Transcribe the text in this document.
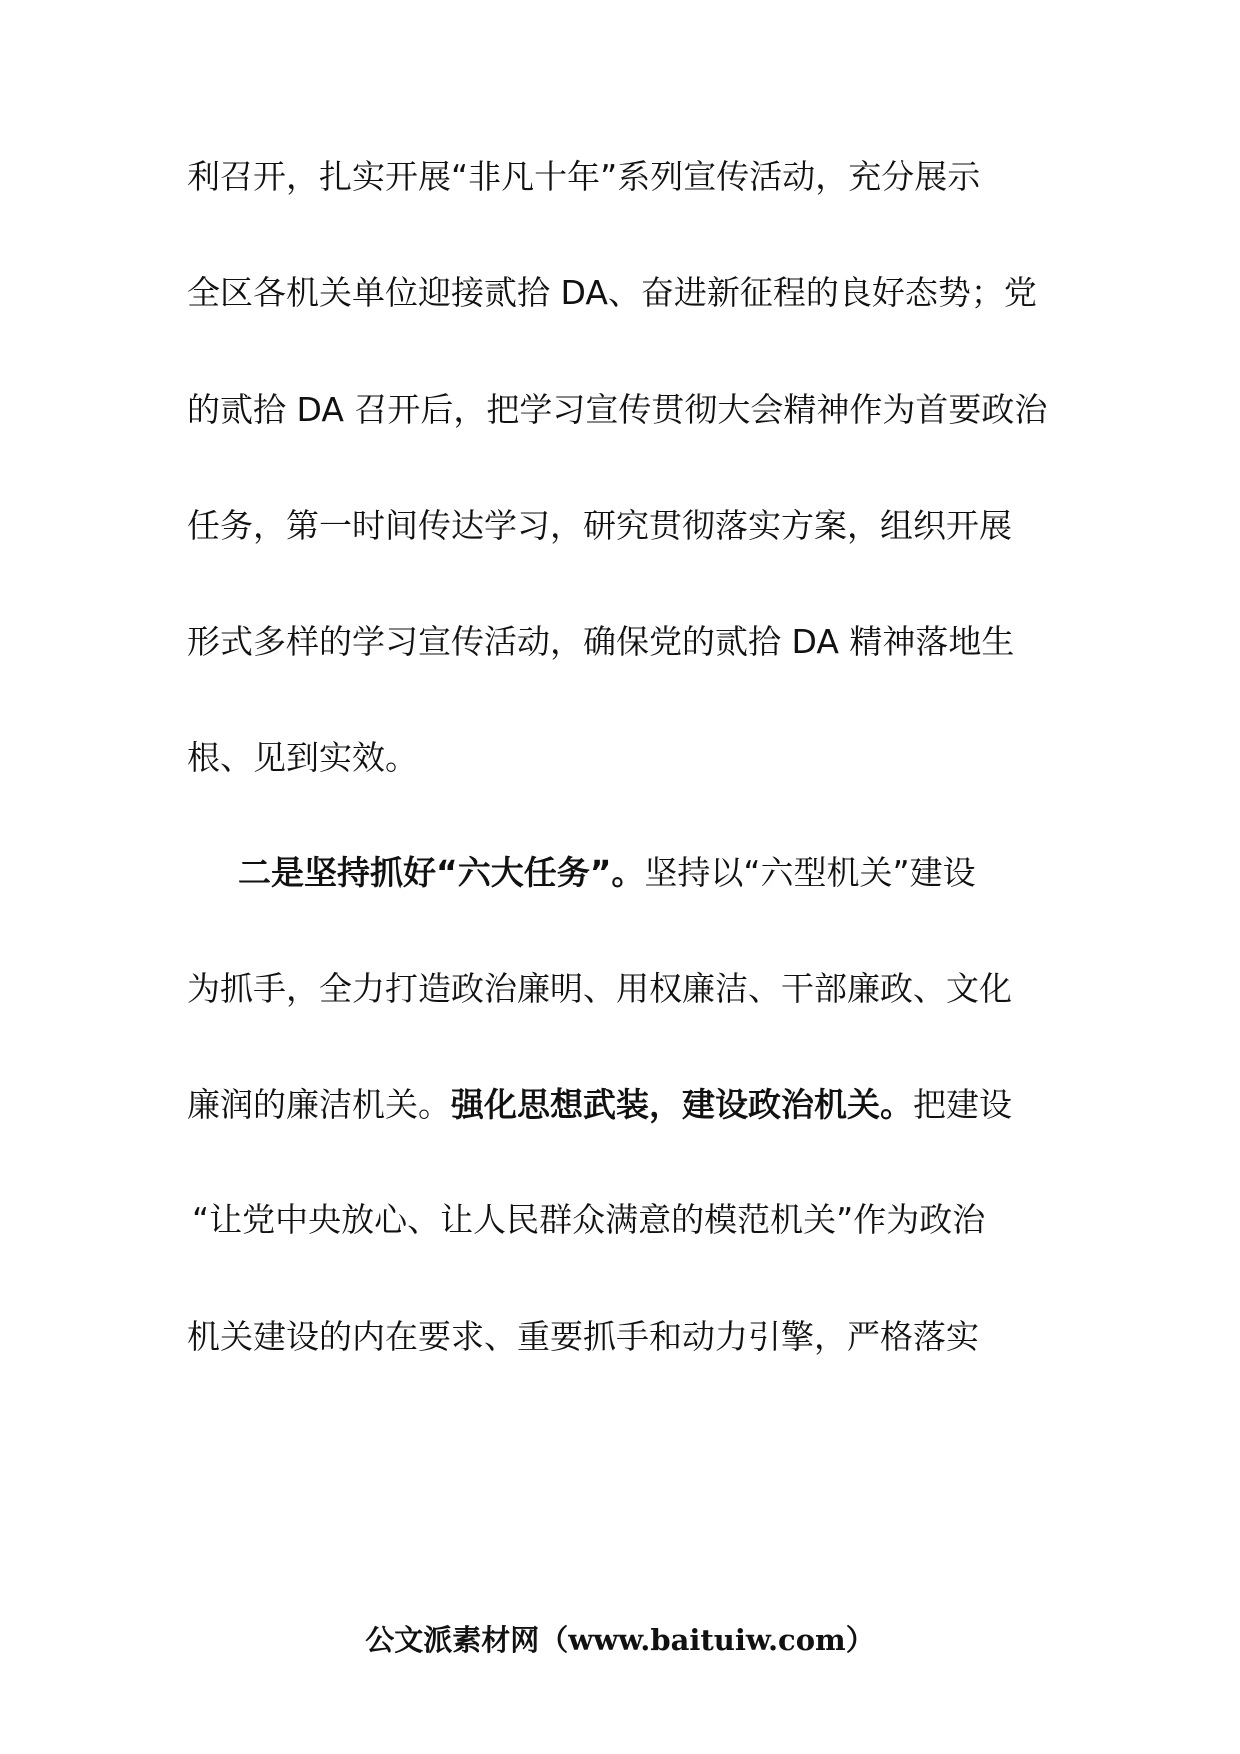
利召开，扎实开展“非凡十年”系列宣传活动，充分展示
全区各机关单位迎接贰拾 DA、奋进新征程的良好态势；党
的贰拾 DA 召开后，把学习宣传贯彻大会精神作为首要政治
任务，第一时间传达学习，研究贯彻落实方案，组织开展
形式多样的学习宣传活动，确保党的贰拾 DA 精神落地生
根、见到实效。
二是坚持抓好“六大任务”。坚持以“六型机关”建设
为抓手，全力打造政治廉明、用权廉洁、干部廉政、文化
廉润的廉洁机关。强化思想武装，建设政治机关。把建设
“让党中央放心、让人民群众满意的模范机关”作为政治
机关建设的内在要求、重要抓手和动力引擎，严格落实
公文派素材网（www.baituiw.com）
